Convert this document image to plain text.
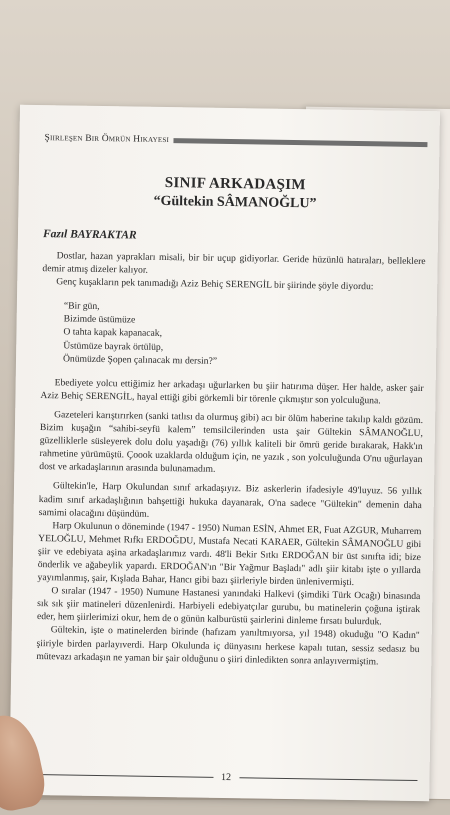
Şiirleşen Bir Ömrün Hikayesi
SINIF ARKADAŞIM
“Gültekin SÂMANOĞLU”
Fazıl BAYRAKTAR

Dostlar, hazan yaprakları misali, bir bir uçup gidiyorlar. Geride hüzünlü hatıraları, belleklere demir atmış dizeler kalıyor.

Genç kuşakların pek tanımadığı Aziz Behiç SERENGİL bir şiirinde şöyle diyordu:

“Bir gün,
Bizimde üstümüze
O tahta kapak kapanacak,
Üstümüze bayrak örtülüp,
Önümüzde Şopen çalınacak mı dersin?”

Ebediyete yolcu ettiğimiz her arkadaşı uğurlarken bu şiir hatırıma düşer. Her halde, asker şair Aziz Behiç SERENGİL, hayal ettiği gibi görkemli bir törenle çıkmıştır son yolculuğuna.

Gazeteleri karıştırırken (sanki tatlısı da olurmuş gibi) acı bir ölüm haberine takılıp kaldı gözüm. Bizim kuşağın “sahibi-seyfü kalem” temsilcilerinden usta şair Gültekin SÂMANOĞLU, güzelliklerle süsleyerek dolu dolu yaşadığı (76) yıllık kaliteli bir ömrü geride bırakarak, Hakk'ın rahmetine yürümüştü. Çoook uzaklarda olduğum için, ne yazık , son yolculuğunda O'nu uğurlayan dost ve arkadaşlarının arasında bulunamadım.

Gültekin'le, Harp Okulundan sınıf arkadaşıyız. Biz askerlerin ifadesiyle 49'luyuz. 56 yıllık kadim sınıf arkadaşlığının bahşettiği hukuka dayanarak, O'na sadece "Gültekin" demenin daha samimi olacağını düşündüm.

Harp Okulunun o döneminde (1947 - 1950) Numan ESİN, Ahmet ER, Fuat AZGUR, Muharrem YELOĞLU, Mehmet Rıfkı ERDOĞDU, Mustafa Necati KARAER, Gültekin SÂMANOĞLU gibi şiir ve edebiyata aşina arkadaşlarımız vardı. 48'li Bekir Sıtkı ERDOĞAN bir üst sınıfta idi; bize önderlik ve ağabeylik yapardı. ERDOĞAN'ın "Bir Yağmur Başladı" adlı şiir kitabı işte o yıllarda yayımlanmış, şair, Kışlada Bahar, Hancı gibi bazı şiirleriyle birden ünlenivermişti.

O sıralar (1947 - 1950) Numune Hastanesi yanındaki Halkevi (şimdiki Türk Ocağı) binasında sık sık şiir matineleri düzenlenirdi. Harbiyeli edebiyatçılar gurubu, bu matinelerin çoğuna iştirak eder, hem şiirlerimizi okur, hem de o günün kalburüstü şairlerini dinleme fırsatı bulurduk.

Gültekin, işte o matinelerden birinde (hafızam yanıltmıyorsa, yıl 1948) okuduğu "O Kadın" şiiriyle birden parlayıverdi. Harp Okulunda iç dünyasını herkese kapalı tutan, sessiz sedasız bu mütevazı arkadaşın ne yaman bir şair olduğunu o şiiri dinledikten sonra anlayıvermiştim.

12
